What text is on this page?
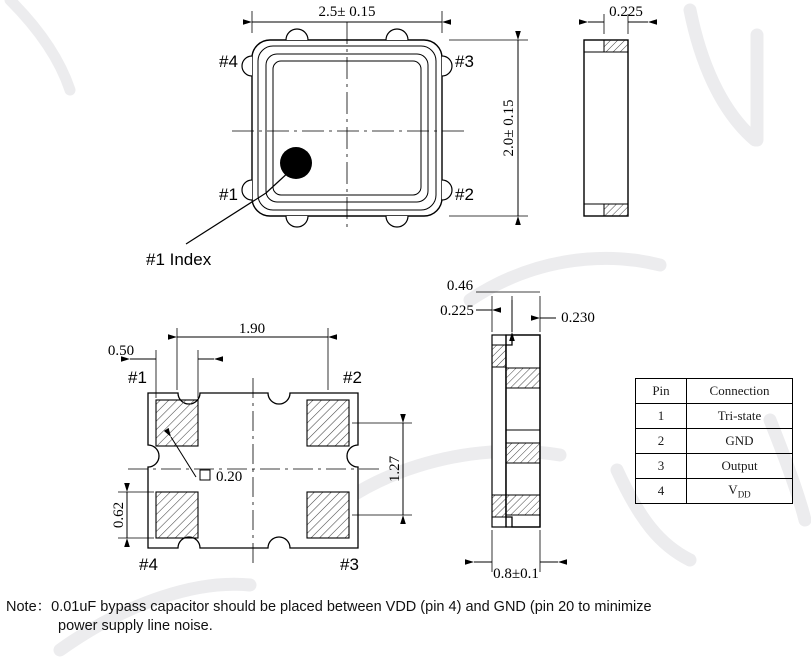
2.5± 0.15
2.0± 0.15
0.225
1.90
0.50
1.27
0.62
0.20
0.46
0.225	0.230
0.8±0.1
#4	#3
#1	#2
#1 Index
#1	#2
#4	#3
Pin	Connection
1	Tri-state
2	GND
3	Output
4	$V_{DD}$
Note：0.01uF bypass capacitor should be placed between VDD (pin 4) and GND (pin 20 to minimize
power supply line noise.
